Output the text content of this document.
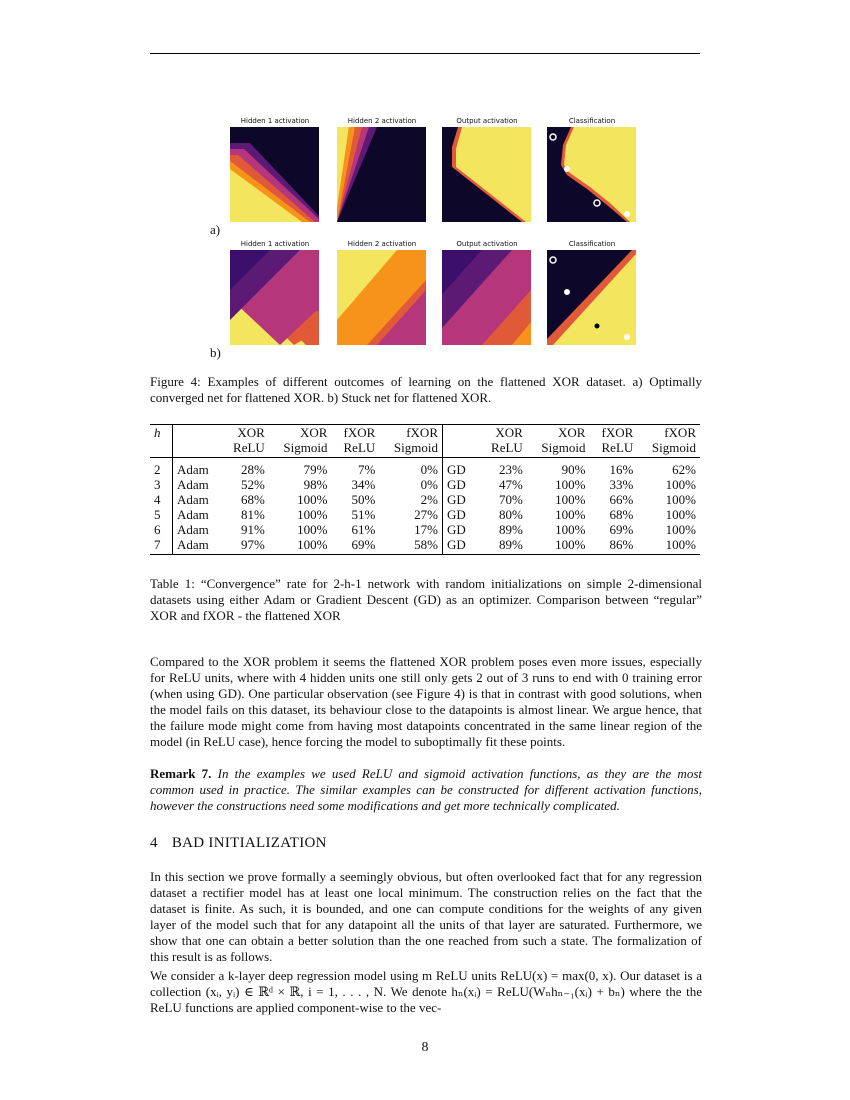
a)
Hidden 1 activation	Hidden 2 activation	Output activation	Classification
b)
Hidden 1 activation	Hidden 2 activation	Output activation	Classification
Figure 4: Examples of different outcomes of learning on the flattened XOR dataset. a) Optimally converged net for flattened XOR. b) Stuck net for flattened XOR.
h		XOR	XOR	fXOR	fXOR		XOR	XOR	fXOR	fXOR
		ReLU	Sigmoid	ReLU	Sigmoid		ReLU	Sigmoid	ReLU	Sigmoid
2	Adam	28%	79%	7%	0%	GD	23%	90%	16%	62%
3	Adam	52%	98%	34%	0%	GD	47%	100%	33%	100%
4	Adam	68%	100%	50%	2%	GD	70%	100%	66%	100%
5	Adam	81%	100%	51%	27%	GD	80%	100%	68%	100%
6	Adam	91%	100%	61%	17%	GD	89%	100%	69%	100%
7	Adam	97%	100%	69%	58%	GD	89%	100%	86%	100%
Table 1: “Convergence” rate for 2-h-1 network with random initializations on simple 2-dimensional datasets using either Adam or Gradient Descent (GD) as an optimizer. Comparison between “regular” XOR and fXOR - the flattened XOR
Compared to the XOR problem it seems the flattened XOR problem poses even more issues, especially for ReLU units, where with 4 hidden units one still only gets 2 out of 3 runs to end with 0 training error (when using GD). One particular observation (see Figure 4) is that in contrast with good solutions, when the model fails on this dataset, its behaviour close to the datapoints is almost linear. We argue hence, that the failure mode might come from having most datapoints concentrated in the same linear region of the model (in ReLU case), hence forcing the model to suboptimally fit these points.
Remark 7. In the examples we used ReLU and sigmoid activation functions, as they are the most common used in practice. The similar examples can be constructed for different activation functions, however the constructions need some modifications and get more technically complicated.
4 BAD INITIALIZATION
In this section we prove formally a seemingly obvious, but often overlooked fact that for any regression dataset a rectifier model has at least one local minimum. The construction relies on the fact that the dataset is finite. As such, it is bounded, and one can compute conditions for the weights of any given layer of the model such that for any datapoint all the units of that layer are saturated. Furthermore, we show that one can obtain a better solution than the one reached from such a state. The formalization of this result is as follows.
We consider a k-layer deep regression model using m ReLU units ReLU(x) = max(0, x). Our dataset is a collection (xᵢ, yᵢ) ∈ ℝᵈ × ℝ, i = 1, . . . , N. We denote hₙ(xᵢ) = ReLU(Wₙhₙ₋₁(xᵢ) + bₙ) where the the ReLU functions are applied component-wise to the vec-
8
